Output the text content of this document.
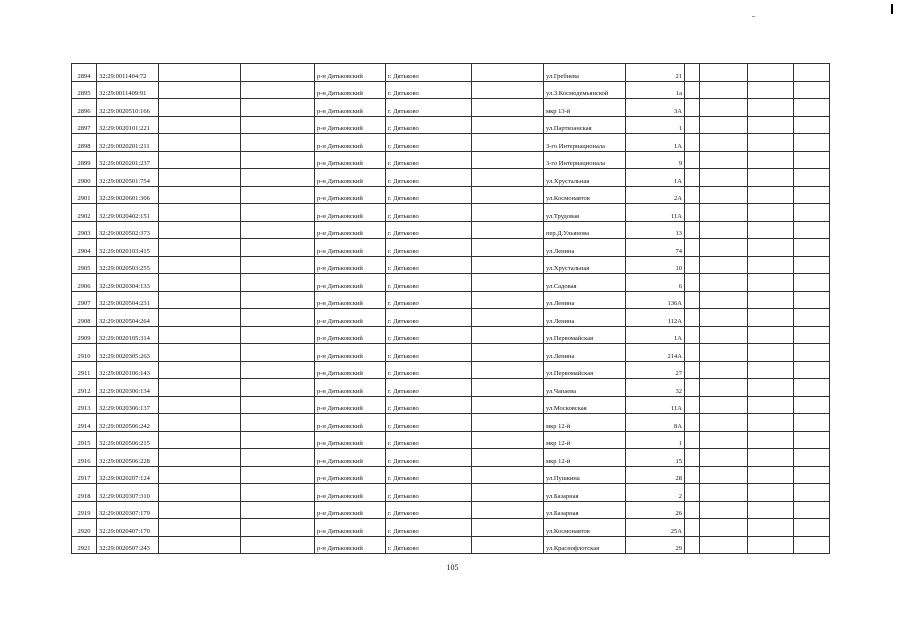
2894	32:29:0011404:72			р-н Дятьковский	г. Дятьково		ул.Гребнева	21				
2895	32:29:0011409:91			р-н Дятьковский	г. Дятьково		ул.З.Космодемьянской	1а				
2896	32:29:0020510:166			р-н Дятьковский	г. Дятьково		мкр 13-й	3А				
2897	32:29:0020101:221			р-н Дятьковский	г. Дятьково		ул.Партизанская	1				
2898	32:29:0020201:211			р-н Дятьковский	г. Дятьково		3-го Интернационала	1А				
2899	32:29:0020201:237			р-н Дятьковский	г. Дятьково		3-го Интернационала	9				
2900	32:29:0020501:754			р-н Дятьковский	г. Дятьково		ул.Хрустальная	1А				
2901	32:29:0020601:306			р-н Дятьковский	г. Дятьково		ул.Космонавтов	2А				
2902	32:29:0020402:151			р-н Дятьковский	г. Дятьково		ул.Трудовая	11А				
2903	32:29:0020502:373			р-н Дятьковский	г. Дятьково		пер.Д.Ульянова	13				
2904	32:29:0020103:415			р-н Дятьковский	г. Дятьково		ул.Ленина	74				
2905	32:29:0020503:255			р-н Дятьковский	г. Дятьково		ул.Хрустальная	10				
2906	32:29:0020304:133			р-н Дятьковский	г. Дятьково		ул.Садовая	6				
2907	32:29:0020504:231			р-н Дятьковский	г. Дятьково		ул.Ленина	136А				
2908	32:29:0020504:264			р-н Дятьковский	г. Дятьково		ул.Ленина	112А				
2909	32:29:0020105:314			р-н Дятьковский	г. Дятьково		ул.Первомайская	1А				
2910	32:29:0020305:263			р-н Дятьковский	г. Дятьково		ул.Ленина	214А				
2911	32:29:0020106:143			р-н Дятьковский	г. Дятьково		ул.Первомайская	27				
2912	32:29:0020306:134			р-н Дятьковский	г. Дятьково		ул.Чапаева	32				
2913	32:29:0020306:137			р-н Дятьковский	г. Дятьково		ул.Московская	11А				
2914	32:29:0020506:242			р-н Дятьковский	г. Дятьково		мкр 12-й	8А				
2915	32:29:0020506:215			р-н Дятьковский	г. Дятьково		мкр 12-й	1				
2916	32:29:0020506:228			р-н Дятьковский	г. Дятьково		мкр 12-й	15				
2917	32:29:0020207:124			р-н Дятьковский	г. Дятьково		ул.Пушкина	28				
2918	32:29:0020307:310			р-н Дятьковский	г. Дятьково		ул.Базарная	2				
2919	32:29:0020307:179			р-н Дятьковский	г. Дятьково		ул.Базарная	26				
2920	32:29:0020407:170			р-н Дятьковский	г. Дятьково		ул.Космонавтов	25А				
2921	32:29:0020507:243			р-н Дятьковский	г. Дятьково		ул.Краснофлотская	29				
105
